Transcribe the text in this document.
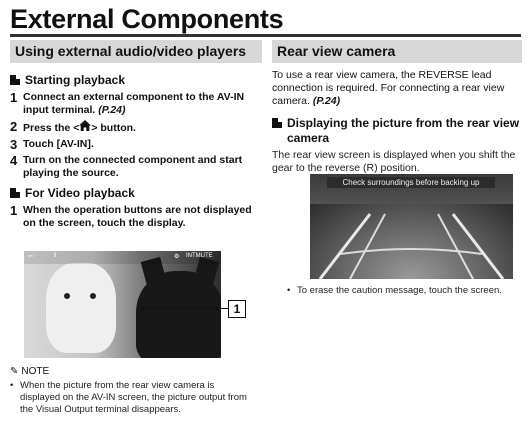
External Components
Using external audio/video players
Starting playback
1 Connect an external component to the AV-IN input terminal. (P.24)
2 Press the < > button.
3 Touch [AV-IN].
4 Turn on the connected component and start playing the source.
For Video playback
1 When the operation buttons are not displayed on the screen, touch the display.
⇦	‖	⚙ INTMUTE
1
✎ NOTE
• When the picture from the rear view camera is displayed on the AV-IN screen, the picture output from the Visual Output terminal disappears.
Rear view camera
To use a rear view camera, the REVERSE lead connection is required. For connecting a rear view camera. (P.24)
Displaying the picture from the rear view camera
The rear view screen is displayed when you shift the gear to the reverse (R) position.
Check surroundings before backing up
• To erase the caution message, touch the screen.
